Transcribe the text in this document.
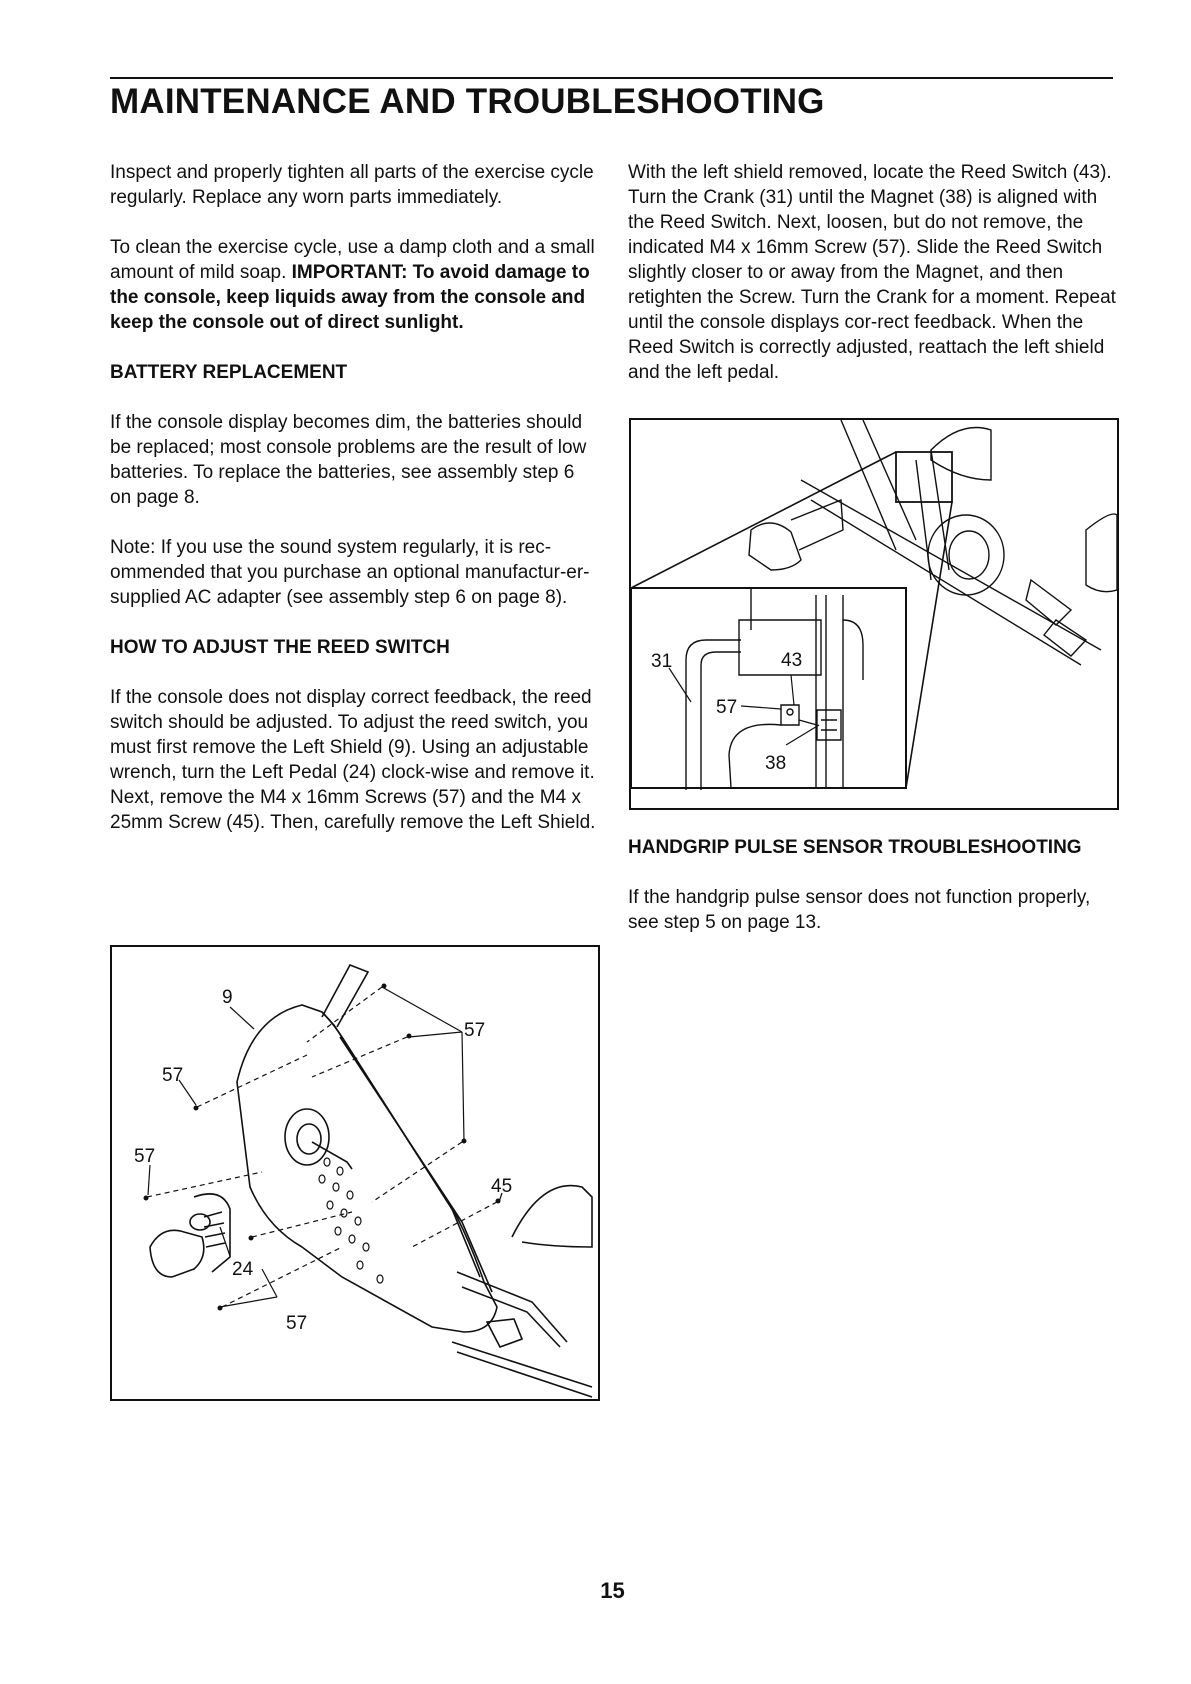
MAINTENANCE AND TROUBLESHOOTING

Inspect and properly tighten all parts of the exercise cycle regularly. Replace any worn parts immediately.

To clean the exercise cycle, use a damp cloth and a small amount of mild soap. IMPORTANT: To avoid damage to the console, keep liquids away from the console and keep the console out of direct sunlight.

BATTERY REPLACEMENT

If the console display becomes dim, the batteries should be replaced; most console problems are the result of low batteries. To replace the batteries, see assembly step 6 on page 8.

Note: If you use the sound system regularly, it is rec-ommended that you purchase an optional manufactur-er-supplied AC adapter (see assembly step 6 on page 8).

HOW TO ADJUST THE REED SWITCH

If the console does not display correct feedback, the reed switch should be adjusted. To adjust the reed switch, you must first remove the Left Shield (9). Using an adjustable wrench, turn the Left Pedal (24) clock-wise and remove it. Next, remove the M4 x 16mm Screws (57) and the M4 x 25mm Screw (45). Then, carefully remove the Left Shield.

With the left shield removed, locate the Reed Switch (43). Turn the Crank (31) until the Magnet (38) is aligned with the Reed Switch. Next, loosen, but do not remove, the indicated M4 x 16mm Screw (57). Slide the Reed Switch slightly closer to or away from the Magnet, and then retighten the Screw. Turn the Crank for a moment. Repeat until the console displays cor-rect feedback. When the Reed Switch is correctly adjusted, reattach the left shield and the left pedal.

HANDGRIP PULSE SENSOR TROUBLESHOOTING

If the handgrip pulse sensor does not function properly, see step 5 on page 13.

9
57
57
57
45
24
57
31	43
57
38
15
